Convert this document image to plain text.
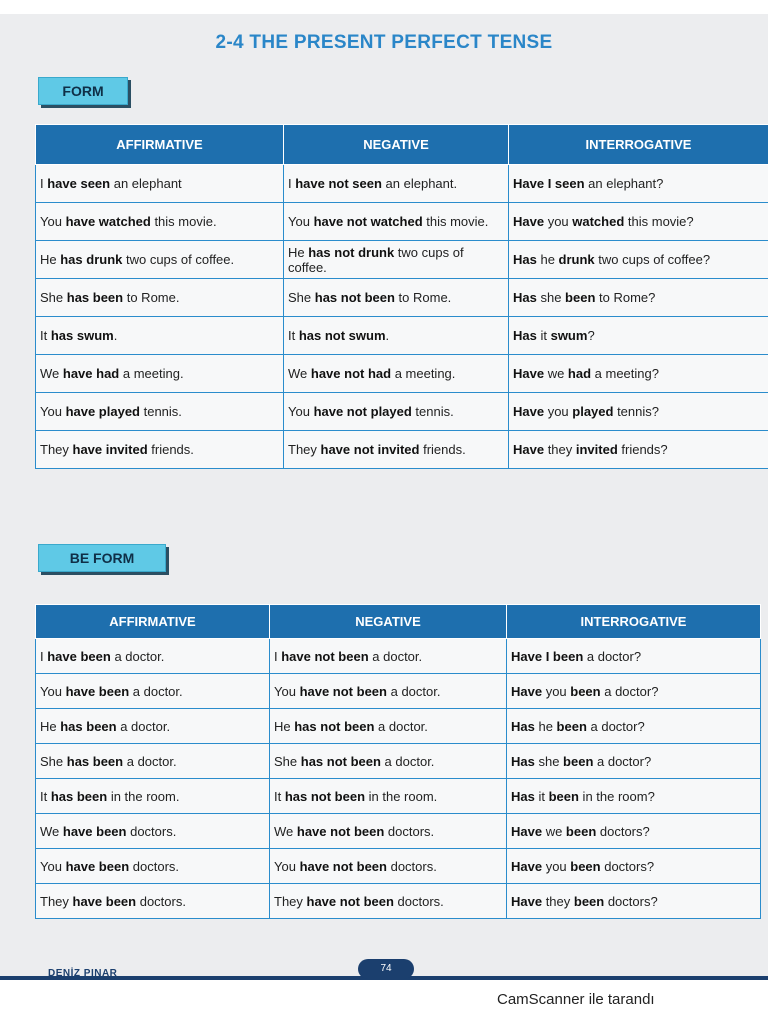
2-4 THE PRESENT PERFECT TENSE
FORM
AFFIRMATIVE	NEGATIVE	INTERROGATIVE
I have seen an elephant	I have not seen an elephant.	Have I seen an elephant?
You have watched this movie.	You have not watched this movie.	Have you watched this movie?
He has drunk two cups of coffee.	He has not drunk two cups of coffee.	Has he drunk two cups of coffee?
She has been to Rome.	She has not been to Rome.	Has she been to Rome?
It has swum.	It has not swum.	Has it swum?
We have had a meeting.	We have not had a meeting.	Have we had a meeting?
You have played tennis.	You have not played tennis.	Have you played tennis?
They have invited friends.	They have not invited friends.	Have they invited friends?
BE FORM
AFFIRMATIVE	NEGATIVE	INTERROGATIVE
I have been a doctor.	I have not been a doctor.	Have I been a doctor?
You have been a doctor.	You have not been a doctor.	Have you been a doctor?
He has been a doctor.	He has not been a doctor.	Has he been a doctor?
She has been a doctor.	She has not been a doctor.	Has she been a doctor?
It has been in the room.	It has not been in the room.	Has it been in the room?
We have been doctors.	We have not been doctors.	Have we been doctors?
You have been doctors.	You have not been doctors.	Have you been doctors?
They have been doctors.	They have not been doctors.	Have they been doctors?
DENİZ PINAR	74
CamScanner ile tarandı
